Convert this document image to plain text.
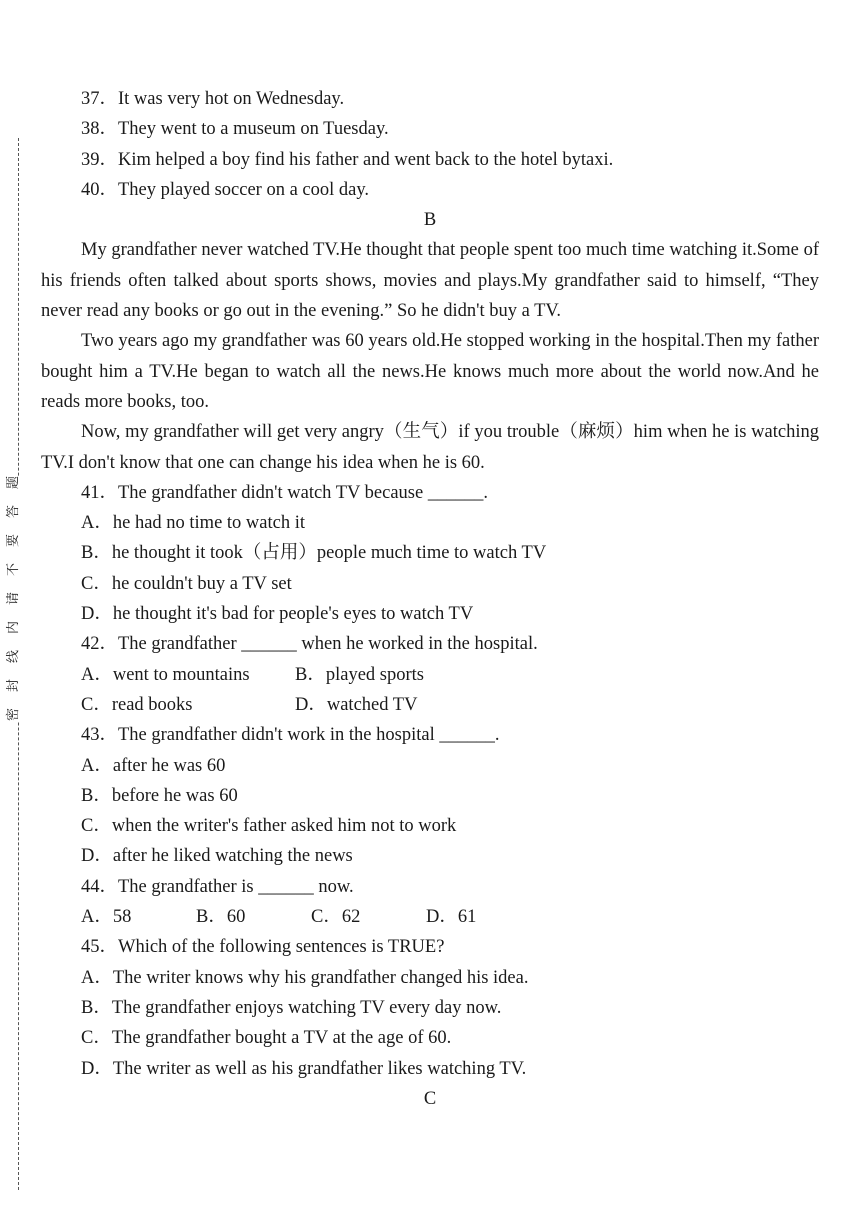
题
答
要
不
请
内
线
封
密
37．It was very hot on Wednesday.
38．They went to a museum on Tuesday.
39．Kim helped a boy find his father and went back to the hotel bytaxi.
40．They played soccer on a cool day.
B

My grandfather never watched TV.He thought that people spent too much time watching it.Some of his friends often talked about sports shows, movies and plays.My grandfather said to himself, “They never read any books or go out in the evening.” So he didn't buy a TV.

Two years ago my grandfather was 60 years old.He stopped working in the hospital.Then my father bought him a TV.He began to watch all the news.He knows much more about the world now.And he reads more books, too.

Now, my grandfather will get very angry（生气）if you trouble（麻烦）him when he is watching TV.I don't know that one can change his idea when he is 60.

41．The grandfather didn't watch TV because ______.
A．he had no time to watch it
B．he thought it took（占用）people much time to watch TV
C．he couldn't buy a TV set
D．he thought it's bad for people's eyes to watch TV
42．The grandfather ______ when he worked in the hospital.
A．went to mountains	B．played sports
C．read books	D．watched TV
43．The grandfather didn't work in the hospital ______.
A．after he was 60
B．before he was 60
C．when the writer's father asked him not to work
D．after he liked watching the news
44．The grandfather is ______ now.
A．58	B．60	C．62	D．61
45．Which of the following sentences is TRUE?
A．The writer knows why his grandfather changed his idea.
B．The grandfather enjoys watching TV every day now.
C．The grandfather bought a TV at the age of 60.
D．The writer as well as his grandfather likes watching TV.
C
